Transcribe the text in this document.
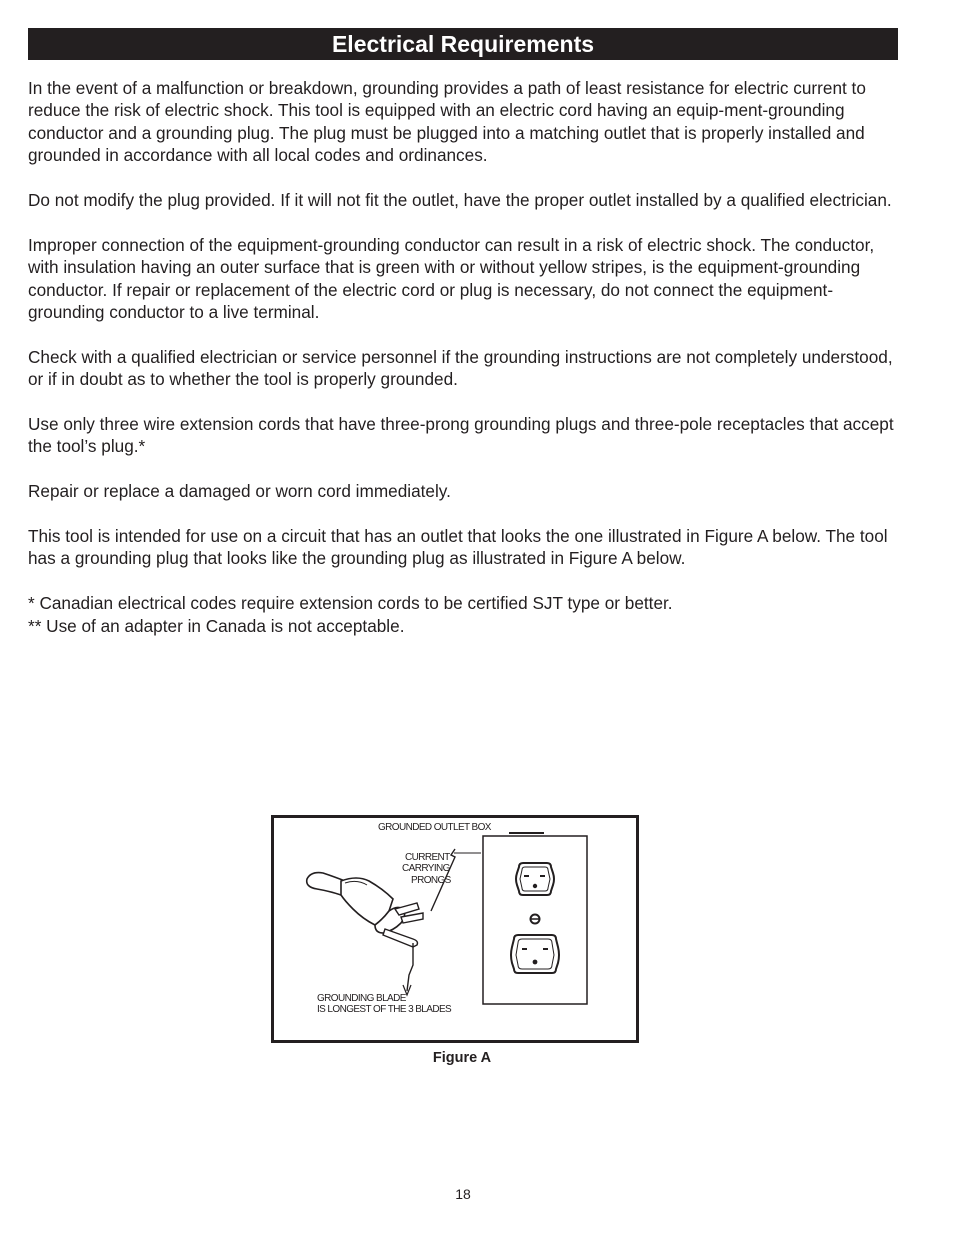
Electrical Requirements

In the event of a malfunction or breakdown, grounding provides a path of least resistance for electric current to reduce the risk of electric shock. This tool is equipped with an electric cord having an equip-ment-grounding conductor and a grounding plug. The plug must be plugged into a matching outlet that is properly installed and grounded in accordance with all local codes and ordinances.

Do not modify the plug provided. If it will not fit the outlet, have the proper outlet installed by a qualified electrician.

Improper connection of the equipment-grounding conductor can result in a risk of electric shock. The conductor, with insulation having an outer surface that is green with or without yellow stripes, is the equipment-grounding conductor. If repair or replacement of the electric cord or plug is necessary, do not connect the equipment-grounding conductor to a live terminal.

Check with a qualified electrician or service personnel if the grounding instructions are not completely understood, or if in doubt as to whether the tool is properly grounded.

Use only three wire extension cords that have three-prong grounding plugs and three-pole receptacles that accept the tool’s plug.*

Repair or replace a damaged or worn cord immediately.

This tool is intended for use on a circuit that has an outlet that looks the one illustrated in Figure A below. The tool has a grounding plug that looks like the grounding plug as illustrated in Figure A below.

* Canadian electrical codes require extension cords to be certified SJT type or better.

** Use of an adapter in Canada is not acceptable.

GROUNDED OUTLET BOX
CURRENT
CARRYING
PRONGS
GROUNDING BLADE
IS LONGEST OF THE 3 BLADES
Figure A
18
